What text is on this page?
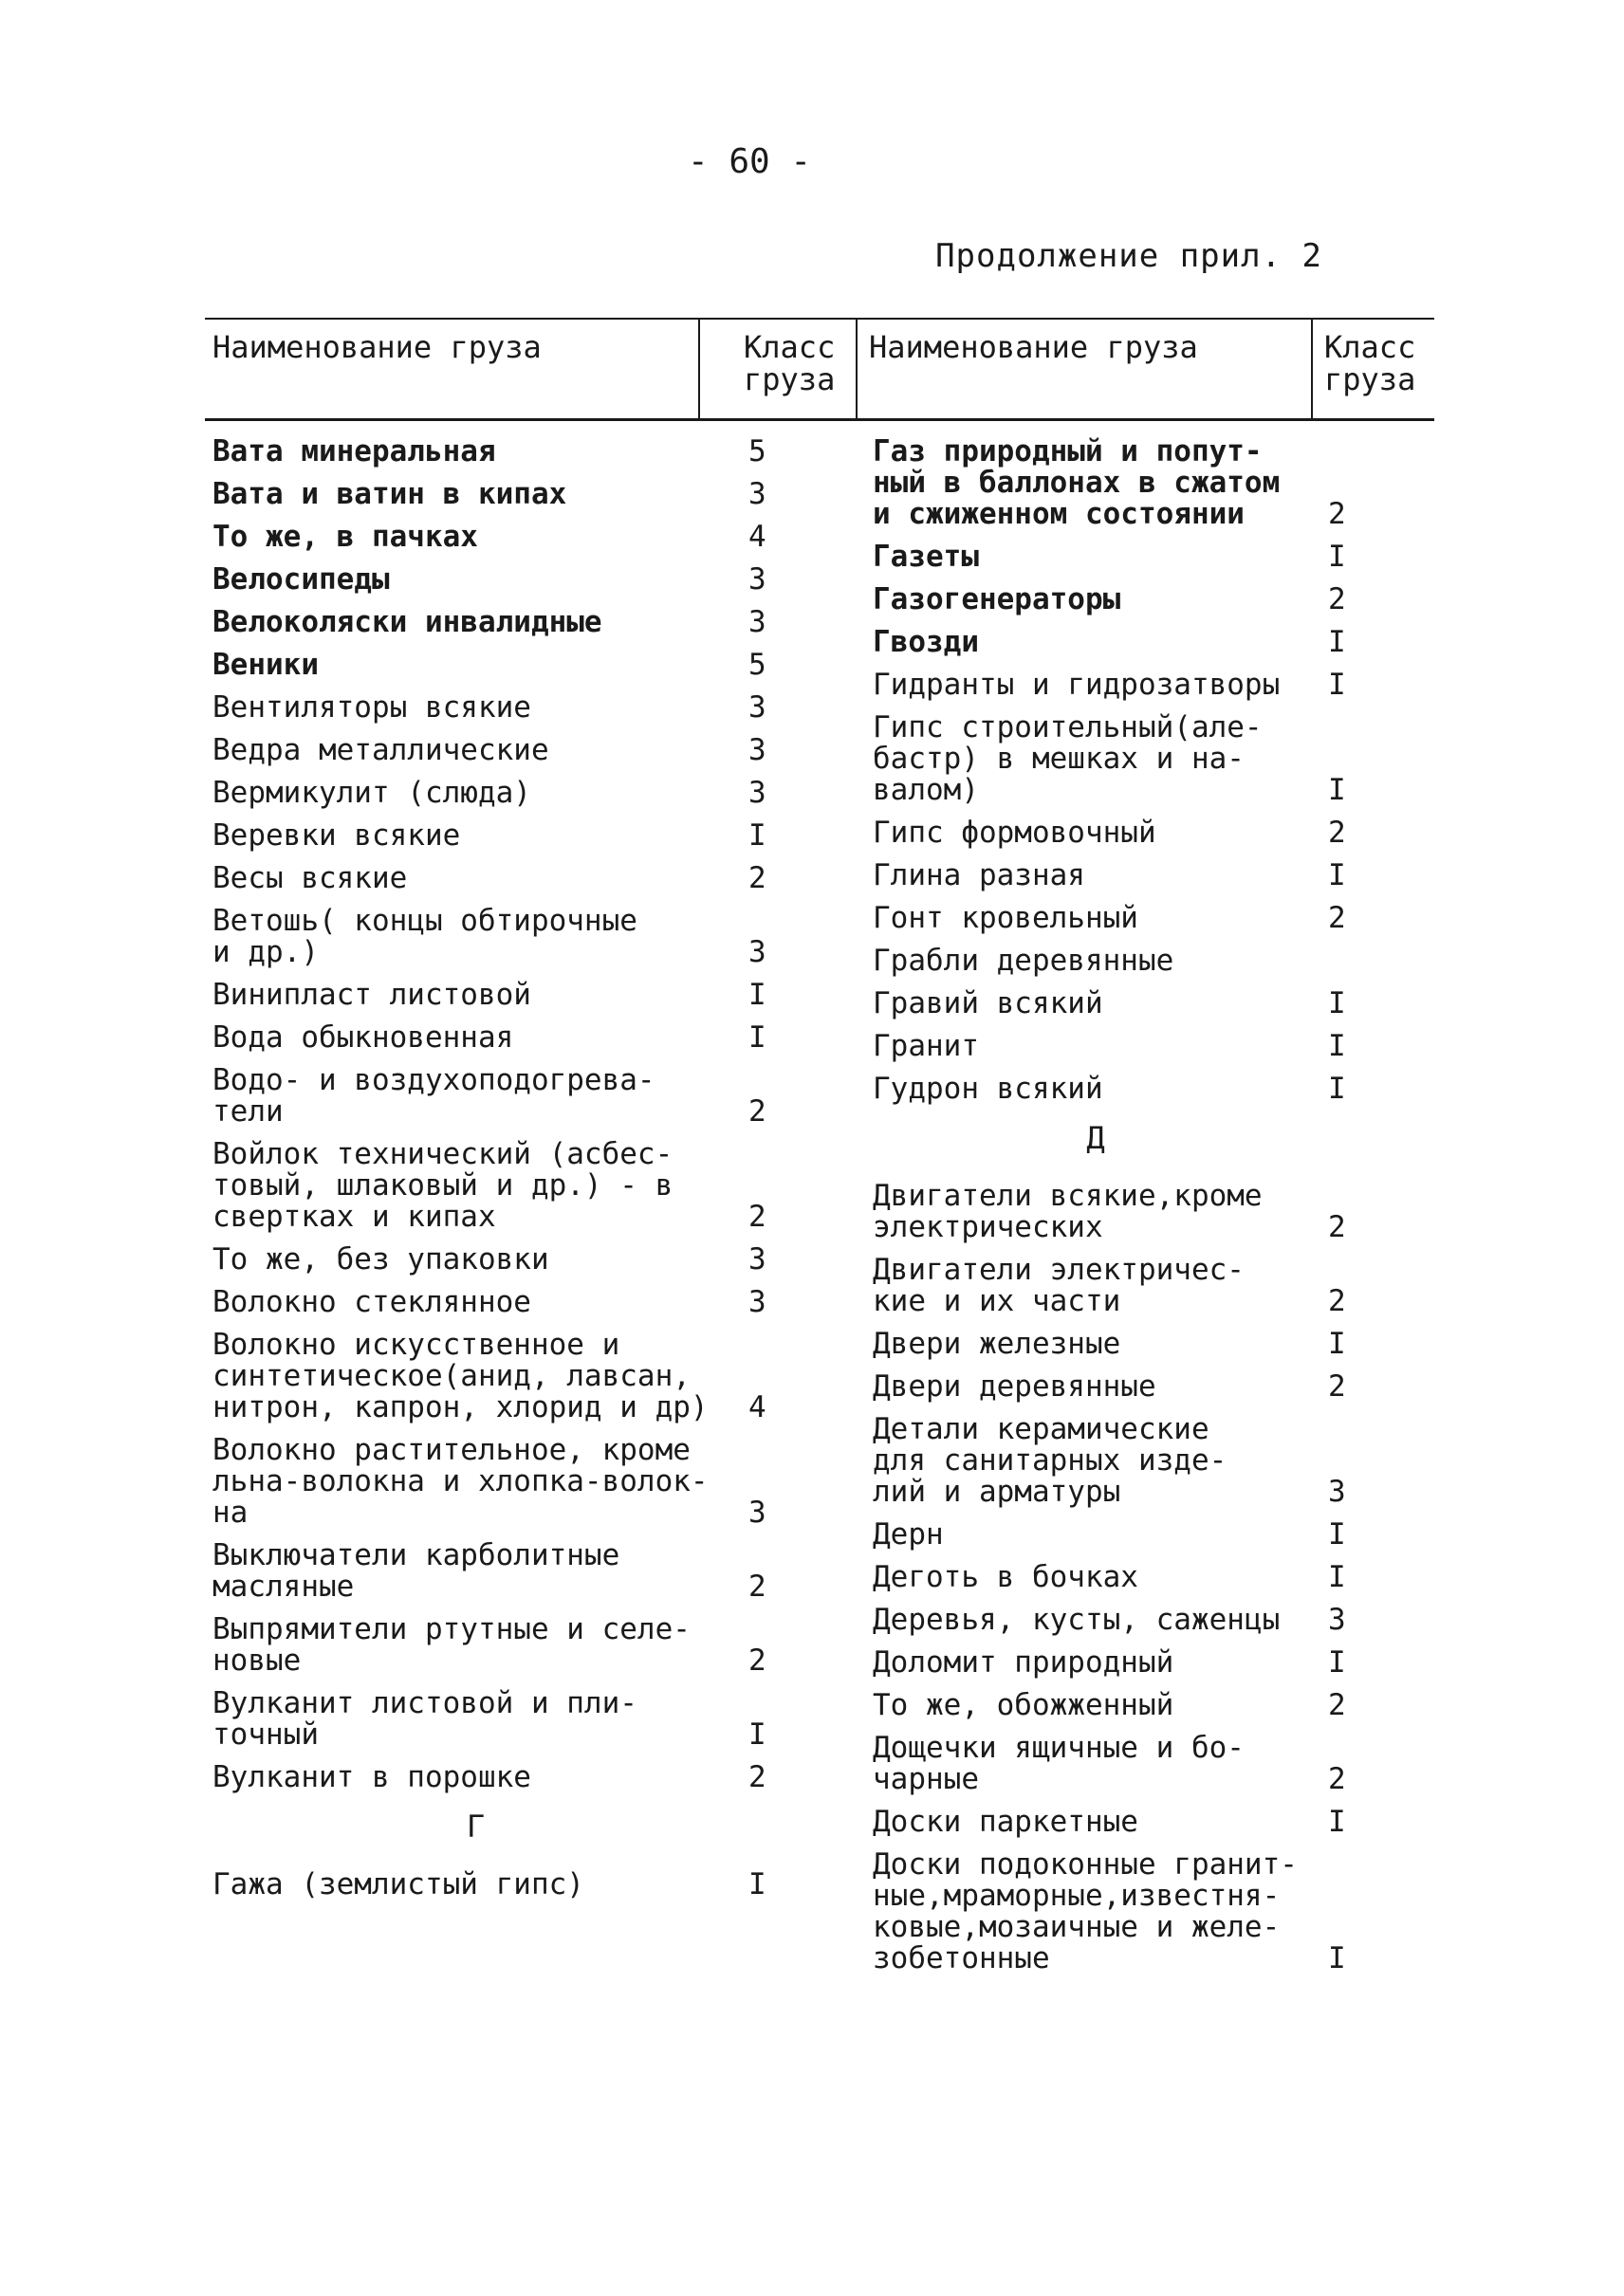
- 60 -
Продолжение прил. 2
Наименование груза	Класс
груза
Наименование груза	Класс
груза
Вата минеральная	5
Вата и ватин в кипах	3
То же, в пачках	4
Велосипеды	3
Велоколяски инвалидные	3
Веники	5
Вентиляторы всякие	3
Ведра металлические	3
Вермикулит (слюда)	3
Веревки всякие	I
Весы всякие	2
Ветошь( концы обтирочные
и др.)	3
Винипласт листовой	I
Вода обыкновенная	I
Водо- и воздухоподогрева-
тели	2
Войлок технический (асбес-
товый, шлаковый и др.) - в
свертках и кипах	2
То же, без упаковки	3
Волокно стеклянное	3
Волокно искусственное и
синтетическое(анид, лавсан,
нитрон, капрон, хлорид и др)	4
Волокно растительное, кроме
льна-волокна и хлопка-волок-
на	3
Выключатели карболитные
масляные	2
Выпрямители ртутные и селе-
новые	2
Вулканит листовой и пли-
точный	I
Вулканит в порошке	2
Г
Гажа (землистый гипс)	I
Газ природный и попут-
ный в баллонах в сжатом
и сжиженном состоянии	2
Газеты	I
Газогенераторы	2
Гвозди	I
Гидранты и гидрозатворы	I
Гипс строительный(але-
бастр) в мешках и на-
валом)	I
Гипс формовочный	2
Глина разная	I
Гонт кровельный	2
Грабли деревянные
Гравий всякий	I
Гранит	I
Гудрон всякий	I
Д
Двигатели всякие,кроме
электрических	2
Двигатели электричес-
кие и их части	2
Двери железные	I
Двери деревянные	2
Детали керамические
для санитарных изде-
лий и арматуры	3
Дерн	I
Деготь в бочках	I
Деревья, кусты, саженцы	3
Доломит природный	I
То же, обожженный	2
Дощечки ящичные и бо-
чарные	2
Доски паркетные	I
Доски подоконные гранит-
ные,мраморные,известня-
ковые,мозаичные и желе-
зобетонные	I
